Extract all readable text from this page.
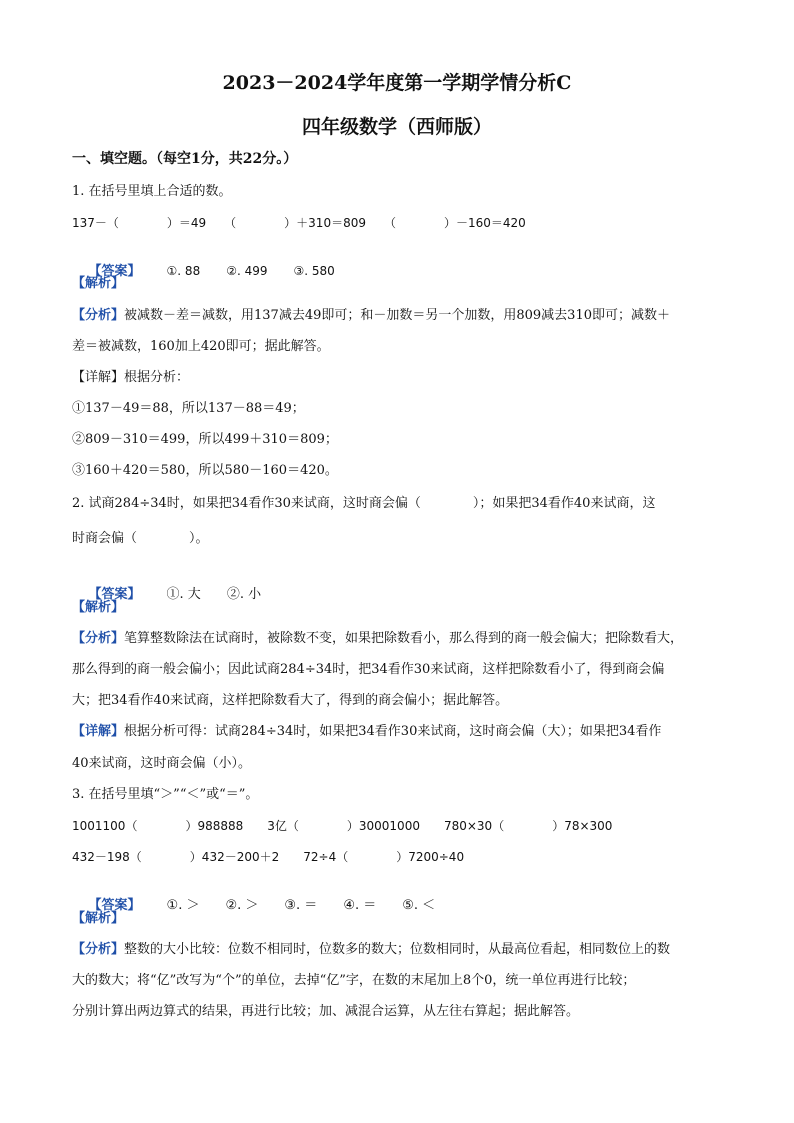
2023－2024学年度第一学期学情分析C
四年级数学（西师版）
一、填空题。（每空1分，共22分。）
1. 在括号里填上合适的数。
137－（　　　　）＝49　　（　　　　）＋310＝809　　（　　　　）－160＝420

【答案】 ①. 88 ②. 499 ③. 580

【解析】
【分析】被减数－差＝减数，用137减去49即可；和－加数＝另一个加数，用809减去310即可；减数＋
差＝被减数，160加上420即可；据此解答。
【详解】根据分析：
①137－49＝88，所以137－88＝49；
②809－310＝499，所以499＋310＝809；
③160＋420＝580，所以580－160＝420。
2. 试商284÷34时，如果把34看作30来试商，这时商会偏（　　　　）；如果把34看作40来试商，这
时商会偏（　　　　）。

【答案】 ①. 大 ②. 小

【解析】
【分析】笔算整数除法在试商时，被除数不变，如果把除数看小，那么得到的商一般会偏大；把除数看大，
那么得到的商一般会偏小；因此试商284÷34时，把34看作30来试商，这样把除数看小了，得到商会偏
大；把34看作40来试商，这样把除数看大了，得到的商会偏小；据此解答。
【详解】根据分析可得：试商284÷34时，如果把34看作30来试商，这时商会偏（大）；如果把34看作
40来试商，这时商会偏（小）。
3. 在括号里填“＞”“＜”或“＝”。
1001100（　　　　）988888　　3亿（　　　　）30001000　　780×30（　　　　）78×300
432－198（　　　　）432－200＋2　　72÷4（　　　　）7200÷40

【答案】 ①. ＞ ②. ＞ ③. ＝ ④. ＝ ⑤. ＜

【解析】
【分析】整数的大小比较：位数不相同时，位数多的数大；位数相同时，从最高位看起，相同数位上的数
大的数大；将“亿”改写为“个”的单位，去掉“亿”字，在数的末尾加上8个0，统一单位再进行比较；
分别计算出两边算式的结果，再进行比较；加、减混合运算，从左往右算起；据此解答。
